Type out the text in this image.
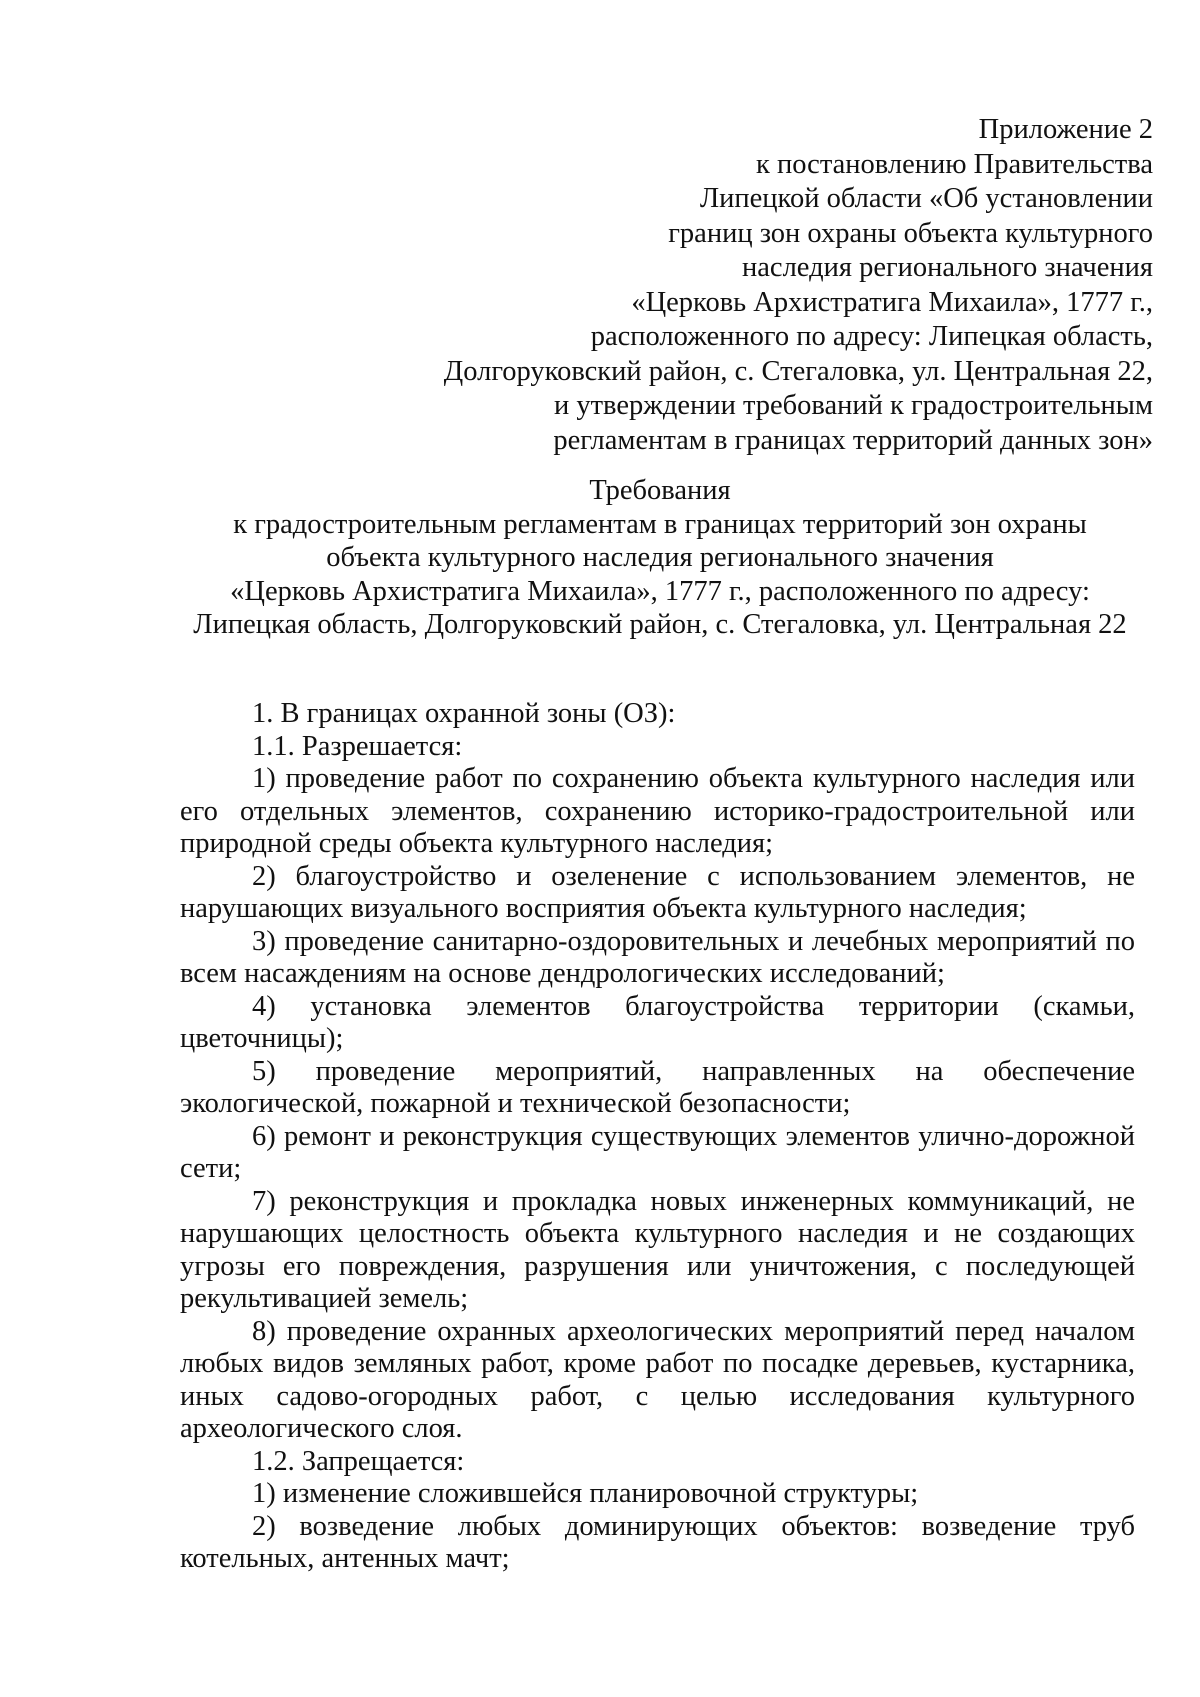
Приложение 2
к постановлению Правительства
Липецкой области «Об установлении
границ зон охраны объекта культурного
наследия регионального значения
«Церковь Архистратига Михаила», 1777 г.,
расположенного по адресу: Липецкая область,
Долгоруковский район, с. Стегаловка, ул. Центральная 22,
и утверждении требований к градостроительным
регламентам в границах территорий данных зон»
Требования
к градостроительным регламентам в границах территорий зон охраны
объекта культурного наследия регионального значения
«Церковь Архистратига Михаила», 1777 г., расположенного по адресу:
Липецкая область, Долгоруковский район, с. Стегаловка, ул. Центральная 22

1. В границах охранной зоны (ОЗ):

1.1. Разрешается:

1) проведение работ по сохранению объекта культурного наследия или его отдельных элементов, сохранению историко-градостроительной или природной среды объекта культурного наследия;

2) благоустройство и озеленение с использованием элементов, не нарушающих визуального восприятия объекта культурного наследия;

3) проведение санитарно-оздоровительных и лечебных мероприятий по всем насаждениям на основе дендрологических исследований;

4) установка элементов благоустройства территории (скамьи, цветочницы);

5) проведение мероприятий, направленных на обеспечение экологической, пожарной и технической безопасности;

6) ремонт и реконструкция существующих элементов улично-дорожной сети;

7) реконструкция и прокладка новых инженерных коммуникаций, не нарушающих целостность объекта культурного наследия и не создающих угрозы его повреждения, разрушения или уничтожения, с последующей рекультивацией земель;

8) проведение охранных археологических мероприятий перед началом любых видов земляных работ, кроме работ по посадке деревьев, кустарника, иных садово-огородных работ, с целью исследования культурного археологического слоя.

1.2. Запрещается:

1) изменение сложившейся планировочной структуры;

2) возведение любых доминирующих объектов: возведение труб котельных, антенных мачт;
